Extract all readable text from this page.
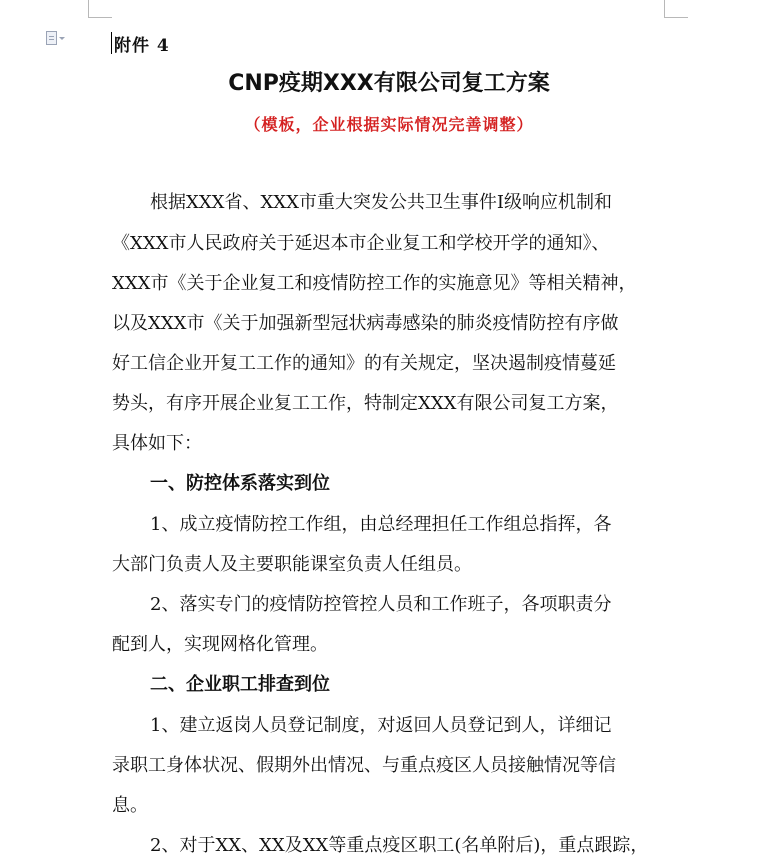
附件 4
CNP疫期XXX有限公司复工方案
（模板，企业根据实际情况完善调整）
根据XXX省、XXX市重大突发公共卫生事件Ⅰ级响应机制和
《XXX市人民政府关于延迟本市企业复工和学校开学的通知》、
XXX市《关于企业复工和疫情防控工作的实施意见》等相关精神，
以及XXX市《关于加强新型冠状病毒感染的肺炎疫情防控有序做
好工信企业开复工工作的通知》的有关规定，坚决遏制疫情蔓延
势头，有序开展企业复工工作，特制定XXX有限公司复工方案，
具体如下：
一、防控体系落实到位
1、成立疫情防控工作组，由总经理担任工作组总指挥，各
大部门负责人及主要职能课室负责人任组员。
2、落实专门的疫情防控管控人员和工作班子，各项职责分
配到人，实现网格化管理。
二、企业职工排查到位
1、建立返岗人员登记制度，对返回人员登记到人，详细记
录职工身体状况、假期外出情况、与重点疫区人员接触情况等信
息。
2、对于XX、XX及XX等重点疫区职工(名单附后)，重点跟踪，
